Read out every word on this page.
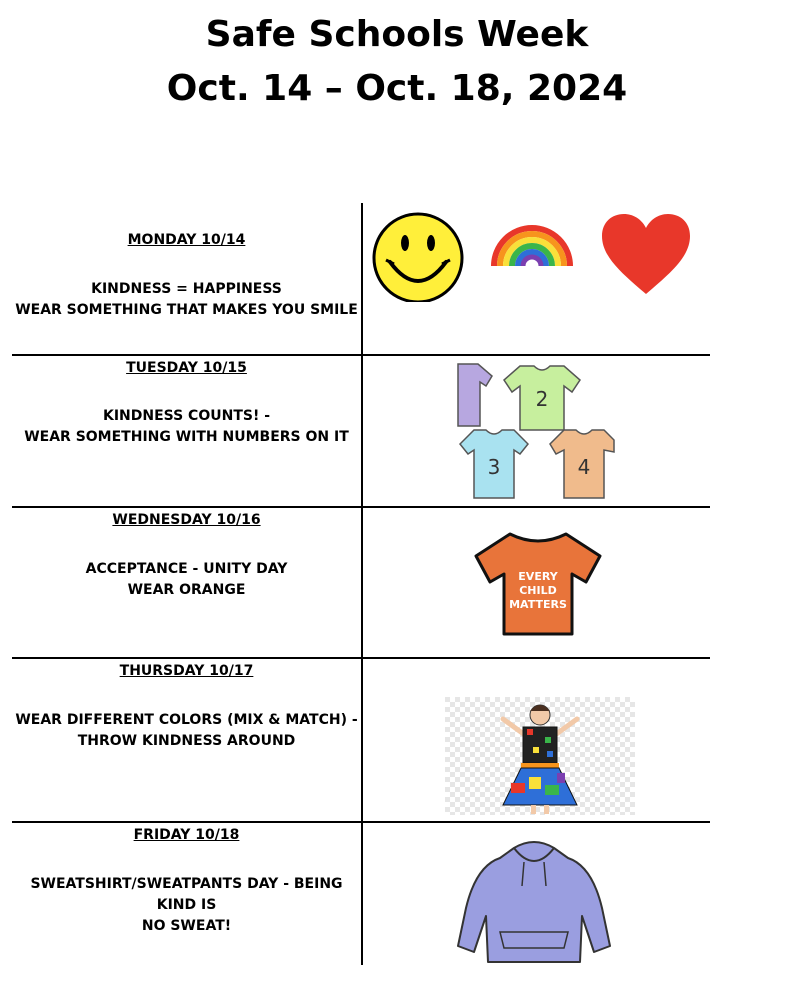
Safe Schools Week
Oct. 14 – Oct. 18, 2024
MONDAY 10/14
KINDNESS = HAPPINESS
WEAR SOMETHING THAT MAKES YOU SMILE
TUESDAY 10/15
KINDNESS COUNTS! -
WEAR SOMETHING WITH NUMBERS ON IT
WEDNESDAY 10/16
ACCEPTANCE - UNITY DAY
WEAR ORANGE
THURSDAY 10/17
WEAR DIFFERENT COLORS (MIX & MATCH) -
THROW KINDNESS AROUND
FRIDAY 10/18
SWEATSHIRT/SWEATPANTS DAY - BEING KIND IS
NO SWEAT!
2
3	4
EVERY
CHILD
MATTERS
